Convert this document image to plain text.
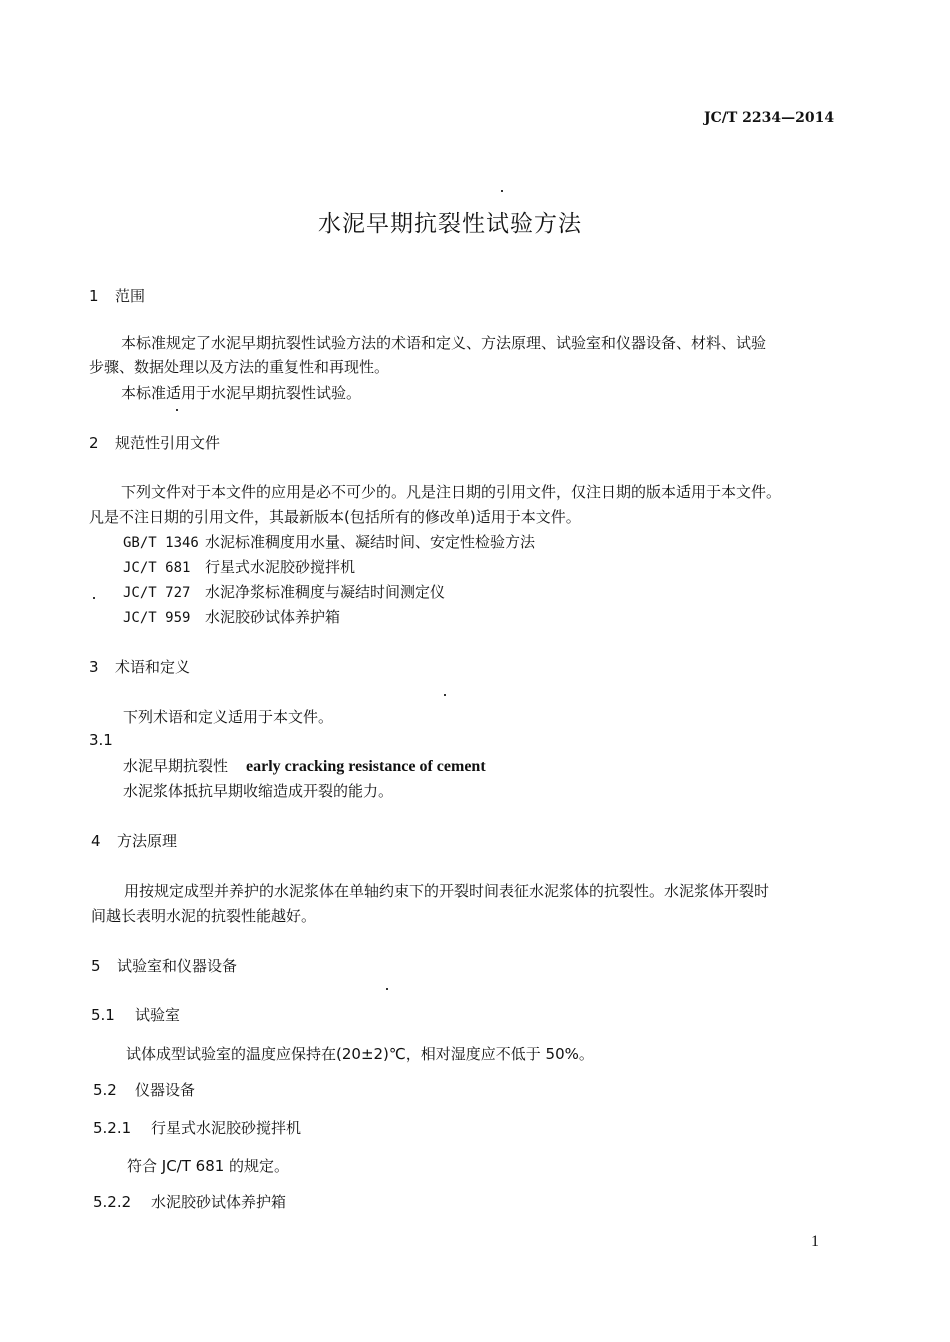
JC/T 2234—2014
水泥早期抗裂性试验方法
1 范围
本标准规定了水泥早期抗裂性试验方法的术语和定义、方法原理、试验室和仪器设备、材料、试验
步骤、数据处理以及方法的重复性和再现性。
本标准适用于水泥早期抗裂性试验。
2 规范性引用文件
下列文件对于本文件的应用是必不可少的。凡是注日期的引用文件，仅注日期的版本适用于本文件。
凡是不注日期的引用文件，其最新版本(包括所有的修改单)适用于本文件。
GB/T 1346 水泥标准稠度用水量、凝结时间、安定性检验方法
JC/T 681 行星式水泥胶砂搅拌机
JC/T 727 水泥净浆标准稠度与凝结时间测定仪
JC/T 959 水泥胶砂试体养护箱
3 术语和定义
下列术语和定义适用于本文件。
3.1
水泥早期抗裂性 early cracking resistance of cement
水泥浆体抵抗早期收缩造成开裂的能力。
4 方法原理
用按规定成型并养护的水泥浆体在单轴约束下的开裂时间表征水泥浆体的抗裂性。水泥浆体开裂时
间越长表明水泥的抗裂性能越好。
5 试验室和仪器设备
5.1 试验室
试体成型试验室的温度应保持在(20±2)℃，相对湿度应不低于 50%。
5.2 仪器设备
5.2.1 行星式水泥胶砂搅拌机
符合 JC/T 681 的规定。
5.2.2 水泥胶砂试体养护箱
1
